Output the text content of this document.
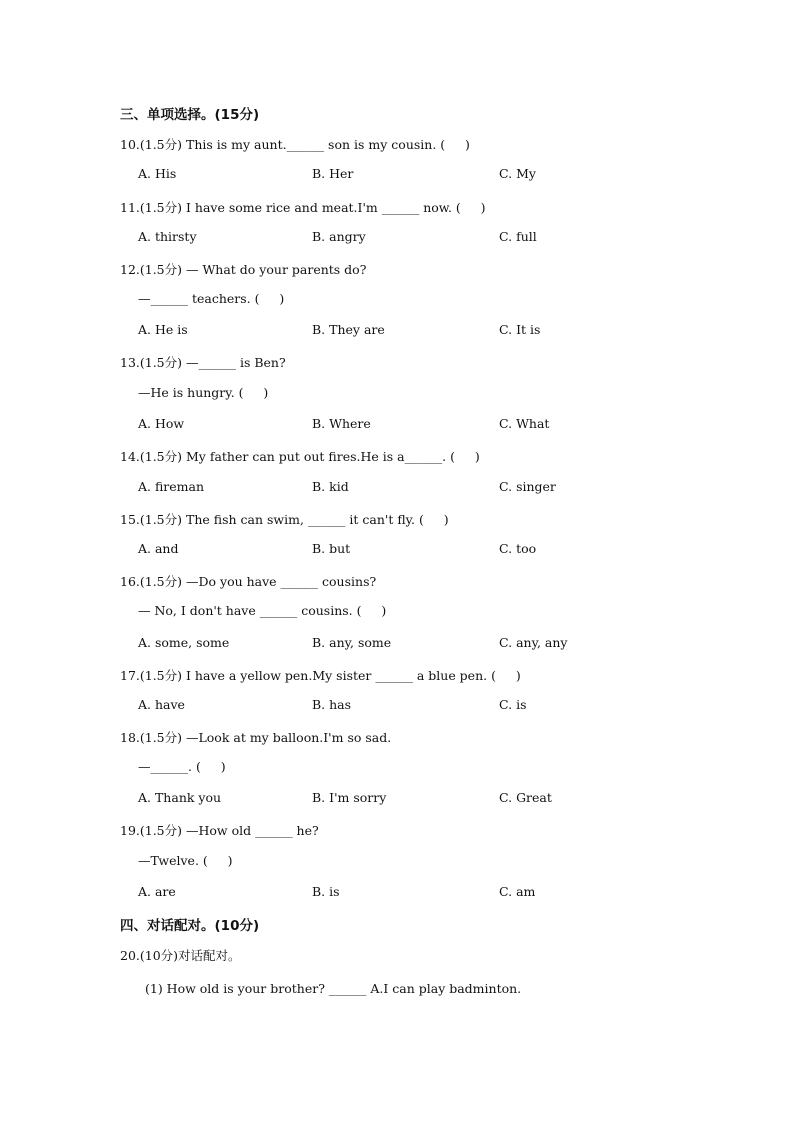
三、单项选择。(15分)
10.(1.5分) This is my aunt.______ son is my cousin. (     )
A. His	B. Her	C. My
11.(1.5分) I have some rice and meat.I'm ______ now. (     )
A. thirsty	B. angry	C. full
12.(1.5分) — What do your parents do?
—______ teachers. (     )
A. He is	B. They are	C. It is
13.(1.5分) —______ is Ben?
—He is hungry. (     )
A. How	B. Where	C. What
14.(1.5分) My father can put out fires.He is a______. (     )
A. fireman	B. kid	C. singer
15.(1.5分) The fish can swim, ______ it can't fly. (     )
A. and	B. but	C. too
16.(1.5分) —Do you have ______ cousins?
— No, I don't have ______ cousins. (     )
A. some, some	B. any, some	C. any, any
17.(1.5分) I have a yellow pen.My sister ______ a blue pen. (     )
A. have	B. has	C. is
18.(1.5分) —Look at my balloon.I'm so sad.
—______. (     )
A. Thank you	B. I'm sorry	C. Great
19.(1.5分) —How old ______ he?
—Twelve. (     )
A. are	B. is	C. am
四、对话配对。(10分)
20.(10分)对话配对。
(1) How old is your brother? ______ A.I can play badminton.
